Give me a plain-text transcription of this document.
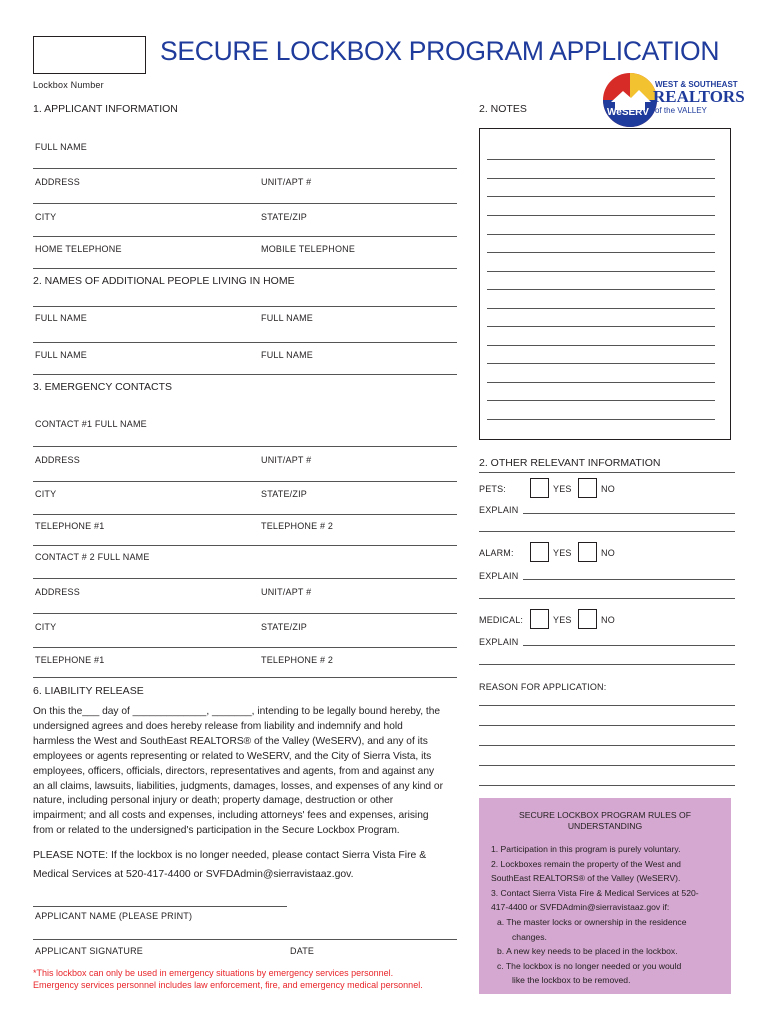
Lockbox Number
SECURE LOCKBOX PROGRAM APPLICATION
WeSERV
WEST & SOUTHEAST
REALTORS
of the VALLEY
1. APPLICANT INFORMATION
FULL NAME
ADDRESS	UNIT/APT #
CITY	STATE/ZIP
HOME TELEPHONE	MOBILE TELEPHONE
2. NOTES
2. NAMES OF ADDITIONAL PEOPLE LIVING IN HOME
FULL NAME	FULL NAME
FULL NAME	FULL NAME
3. EMERGENCY CONTACTS
CONTACT #1 FULL NAME
ADDRESS	UNIT/APT #
CITY	STATE/ZIP
TELEPHONE #1	TELEPHONE # 2
CONTACT # 2 FULL NAME
ADDRESS	UNIT/APT #
CITY	STATE/ZIP
TELEPHONE #1	TELEPHONE # 2
2. OTHER RELEVANT INFORMATION
PETS:	YES	NO
EXPLAIN
ALARM:	YES	NO
EXPLAIN
MEDICAL:	YES	NO
EXPLAIN
REASON FOR APPLICATION:
6. LIABILITY RELEASE
On this the___ day of _____________, _______, intending to be legally bound hereby, the undersigned agrees and does hereby release from liability and indemnify and hold harmless the West and SouthEast REALTORS® of the Valley (WeSERV), and any of its employees or agents representing or related to WeSERV, and the City of Sierra Vista, its employees, officers, officials, directors, representatives and agents, from and against any an all claims, lawsuits, liabilities, judgments, damages, losses, and expenses of any kind or nature, including personal injury or death; property damage, destruction or other impairment; and all costs and expenses, including attorneys' fees and expenses, arising from or related to the undersigned's participation in the Secure Lockbox Program.
PLEASE NOTE: If the lockbox is no longer needed, please contact Sierra Vista Fire & Medical Services at 520-417-4400 or SVFDAdmin@sierravistaaz.gov.
APPLICANT NAME (PLEASE PRINT)
APPLICANT SIGNATURE	DATE
*This lockbox can only be used in emergency situations by emergency services personnel.
Emergency services personnel includes law enforcement, fire, and emergency medical personnel.
SECURE LOCKBOX PROGRAM RULES OF
UNDERSTANDING
1. Participation in this program is purely voluntary.
2. Lockboxes remain the property of the West and
SouthEast REALTORS® of the Valley (WeSERV).
3. Contact Sierra Vista Fire & Medical Services at 520-
417-4400 or SVFDAdmin@sierravistaaz.gov if:
a. The master locks or ownership in the residence
changes.
b. A new key needs to be placed in the lockbox.
c. The lockbox is no longer needed or you would
like the lockbox to be removed.
